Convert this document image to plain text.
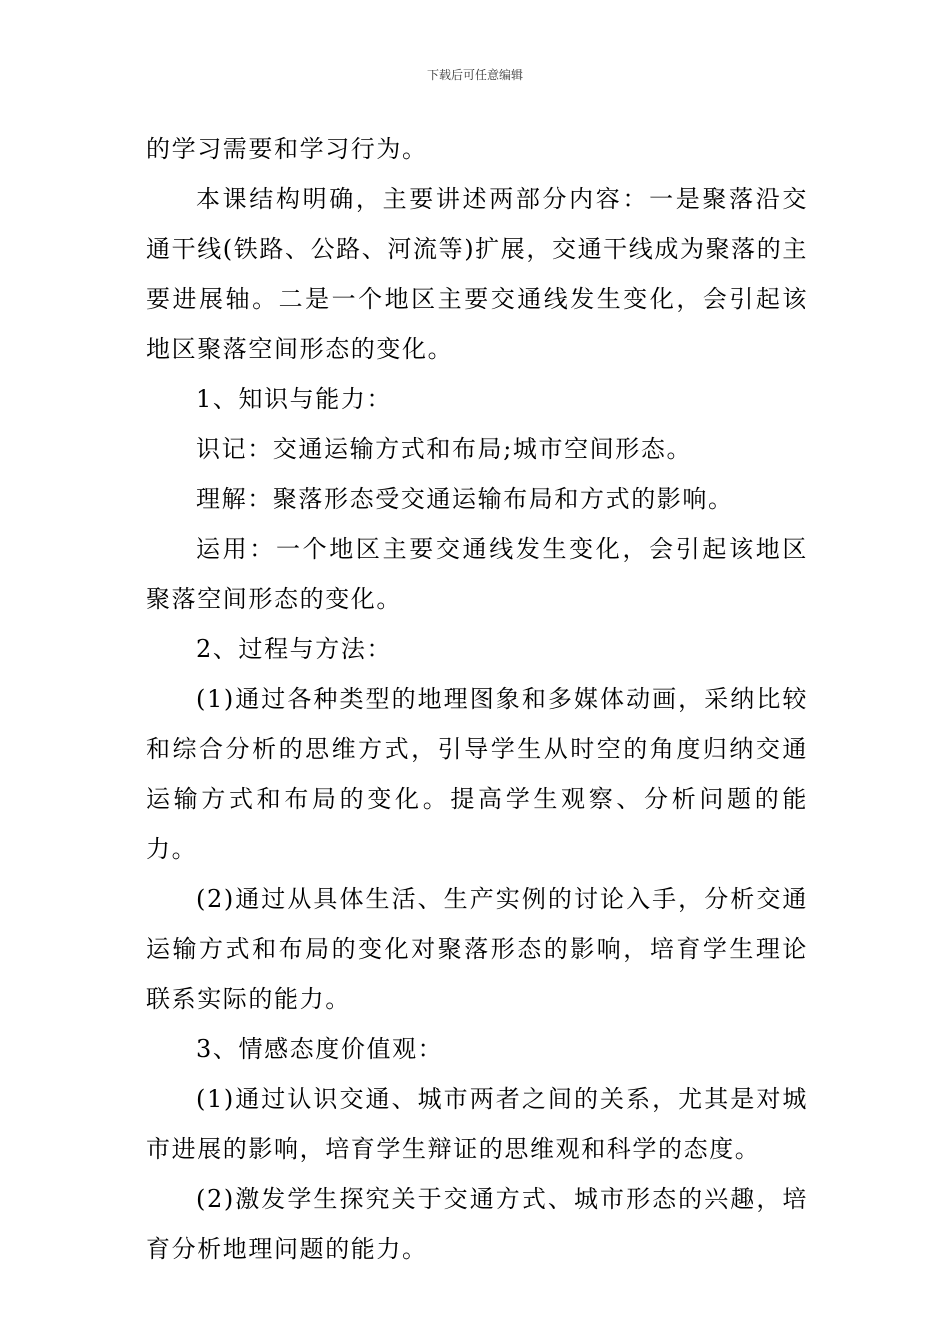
下载后可任意编辑

的学习需要和学习行为。

本课结构明确，主要讲述两部分内容：一是聚落沿交通干线(铁路、公路、河流等)扩展，交通干线成为聚落的主要进展轴。二是一个地区主要交通线发生变化，会引起该地区聚落空间形态的变化。

1、知识与能力：

识记：交通运输方式和布局;城市空间形态。

理解：聚落形态受交通运输布局和方式的影响。

运用：一个地区主要交通线发生变化，会引起该地区聚落空间形态的变化。

2、过程与方法：

(1)通过各种类型的地理图象和多媒体动画，采纳比较和综合分析的思维方式，引导学生从时空的角度归纳交通运输方式和布局的变化。提高学生观察、分析问题的能力。

(2)通过从具体生活、生产实例的讨论入手，分析交通运输方式和布局的变化对聚落形态的影响，培育学生理论联系实际的能力。

3、情感态度价值观：

(1)通过认识交通、城市两者之间的关系，尤其是对城市进展的影响，培育学生辩证的思维观和科学的态度。

(2)激发学生探究关于交通方式、城市形态的兴趣，培育分析地理问题的能力。
